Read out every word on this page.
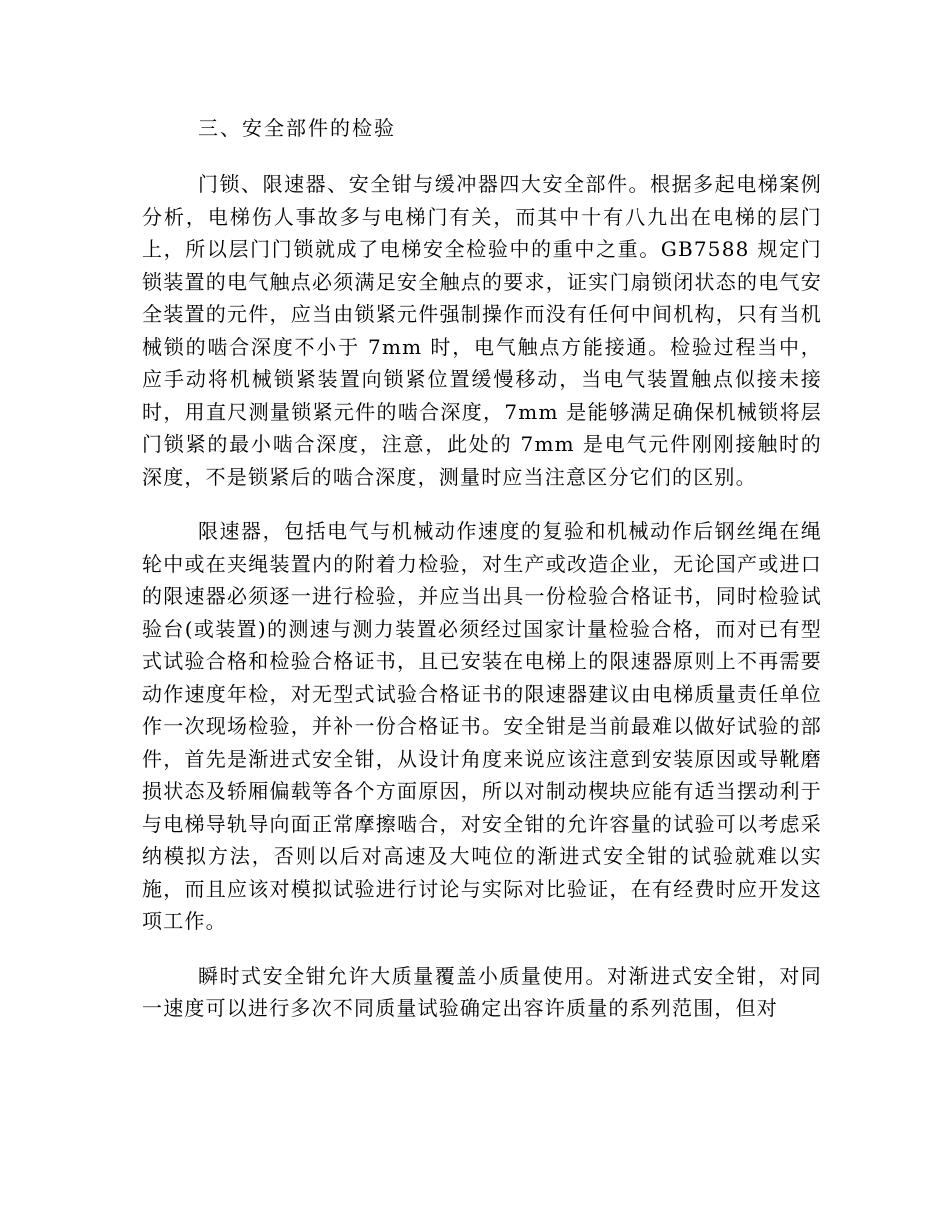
三、安全部件的检验

门锁、限速器、安全钳与缓冲器四大安全部件。根据多起电梯案例分析，电梯伤人事故多与电梯门有关，而其中十有八九出在电梯的层门上，所以层门门锁就成了电梯安全检验中的重中之重。GB7588 规定门锁装置的电气触点必须满足安全触点的要求，证实门扇锁闭状态的电气安全装置的元件，应当由锁紧元件强制操作而没有任何中间机构，只有当机械锁的啮合深度不小于 7mm 时，电气触点方能接通。检验过程当中，应手动将机械锁紧装置向锁紧位置缓慢移动，当电气装置触点似接未接时，用直尺测量锁紧元件的啮合深度，7mm 是能够满足确保机械锁将层门锁紧的最小啮合深度，注意，此处的 7mm 是电气元件刚刚接触时的深度，不是锁紧后的啮合深度，测量时应当注意区分它们的区别。

限速器，包括电气与机械动作速度的复验和机械动作后钢丝绳在绳轮中或在夹绳装置内的附着力检验，对生产或改造企业，无论国产或进口的限速器必须逐一进行检验，并应当出具一份检验合格证书，同时检验试验台(或装置)的测速与测力装置必须经过国家计量检验合格，而对已有型式试验合格和检验合格证书，且已安装在电梯上的限速器原则上不再需要动作速度年检，对无型式试验合格证书的限速器建议由电梯质量责任单位作一次现场检验，并补一份合格证书。安全钳是当前最难以做好试验的部件，首先是渐进式安全钳，从设计角度来说应该注意到安装原因或导靴磨损状态及轿厢偏载等各个方面原因，所以对制动楔块应能有适当摆动利于与电梯导轨导向面正常摩擦啮合，对安全钳的允许容量的试验可以考虑采纳模拟方法，否则以后对高速及大吨位的渐进式安全钳的试验就难以实施，而且应该对模拟试验进行讨论与实际对比验证，在有经费时应开发这项工作。

瞬时式安全钳允许大质量覆盖小质量使用。对渐进式安全钳，对同一速度可以进行多次不同质量试验确定出容许质量的系列范围，但对
